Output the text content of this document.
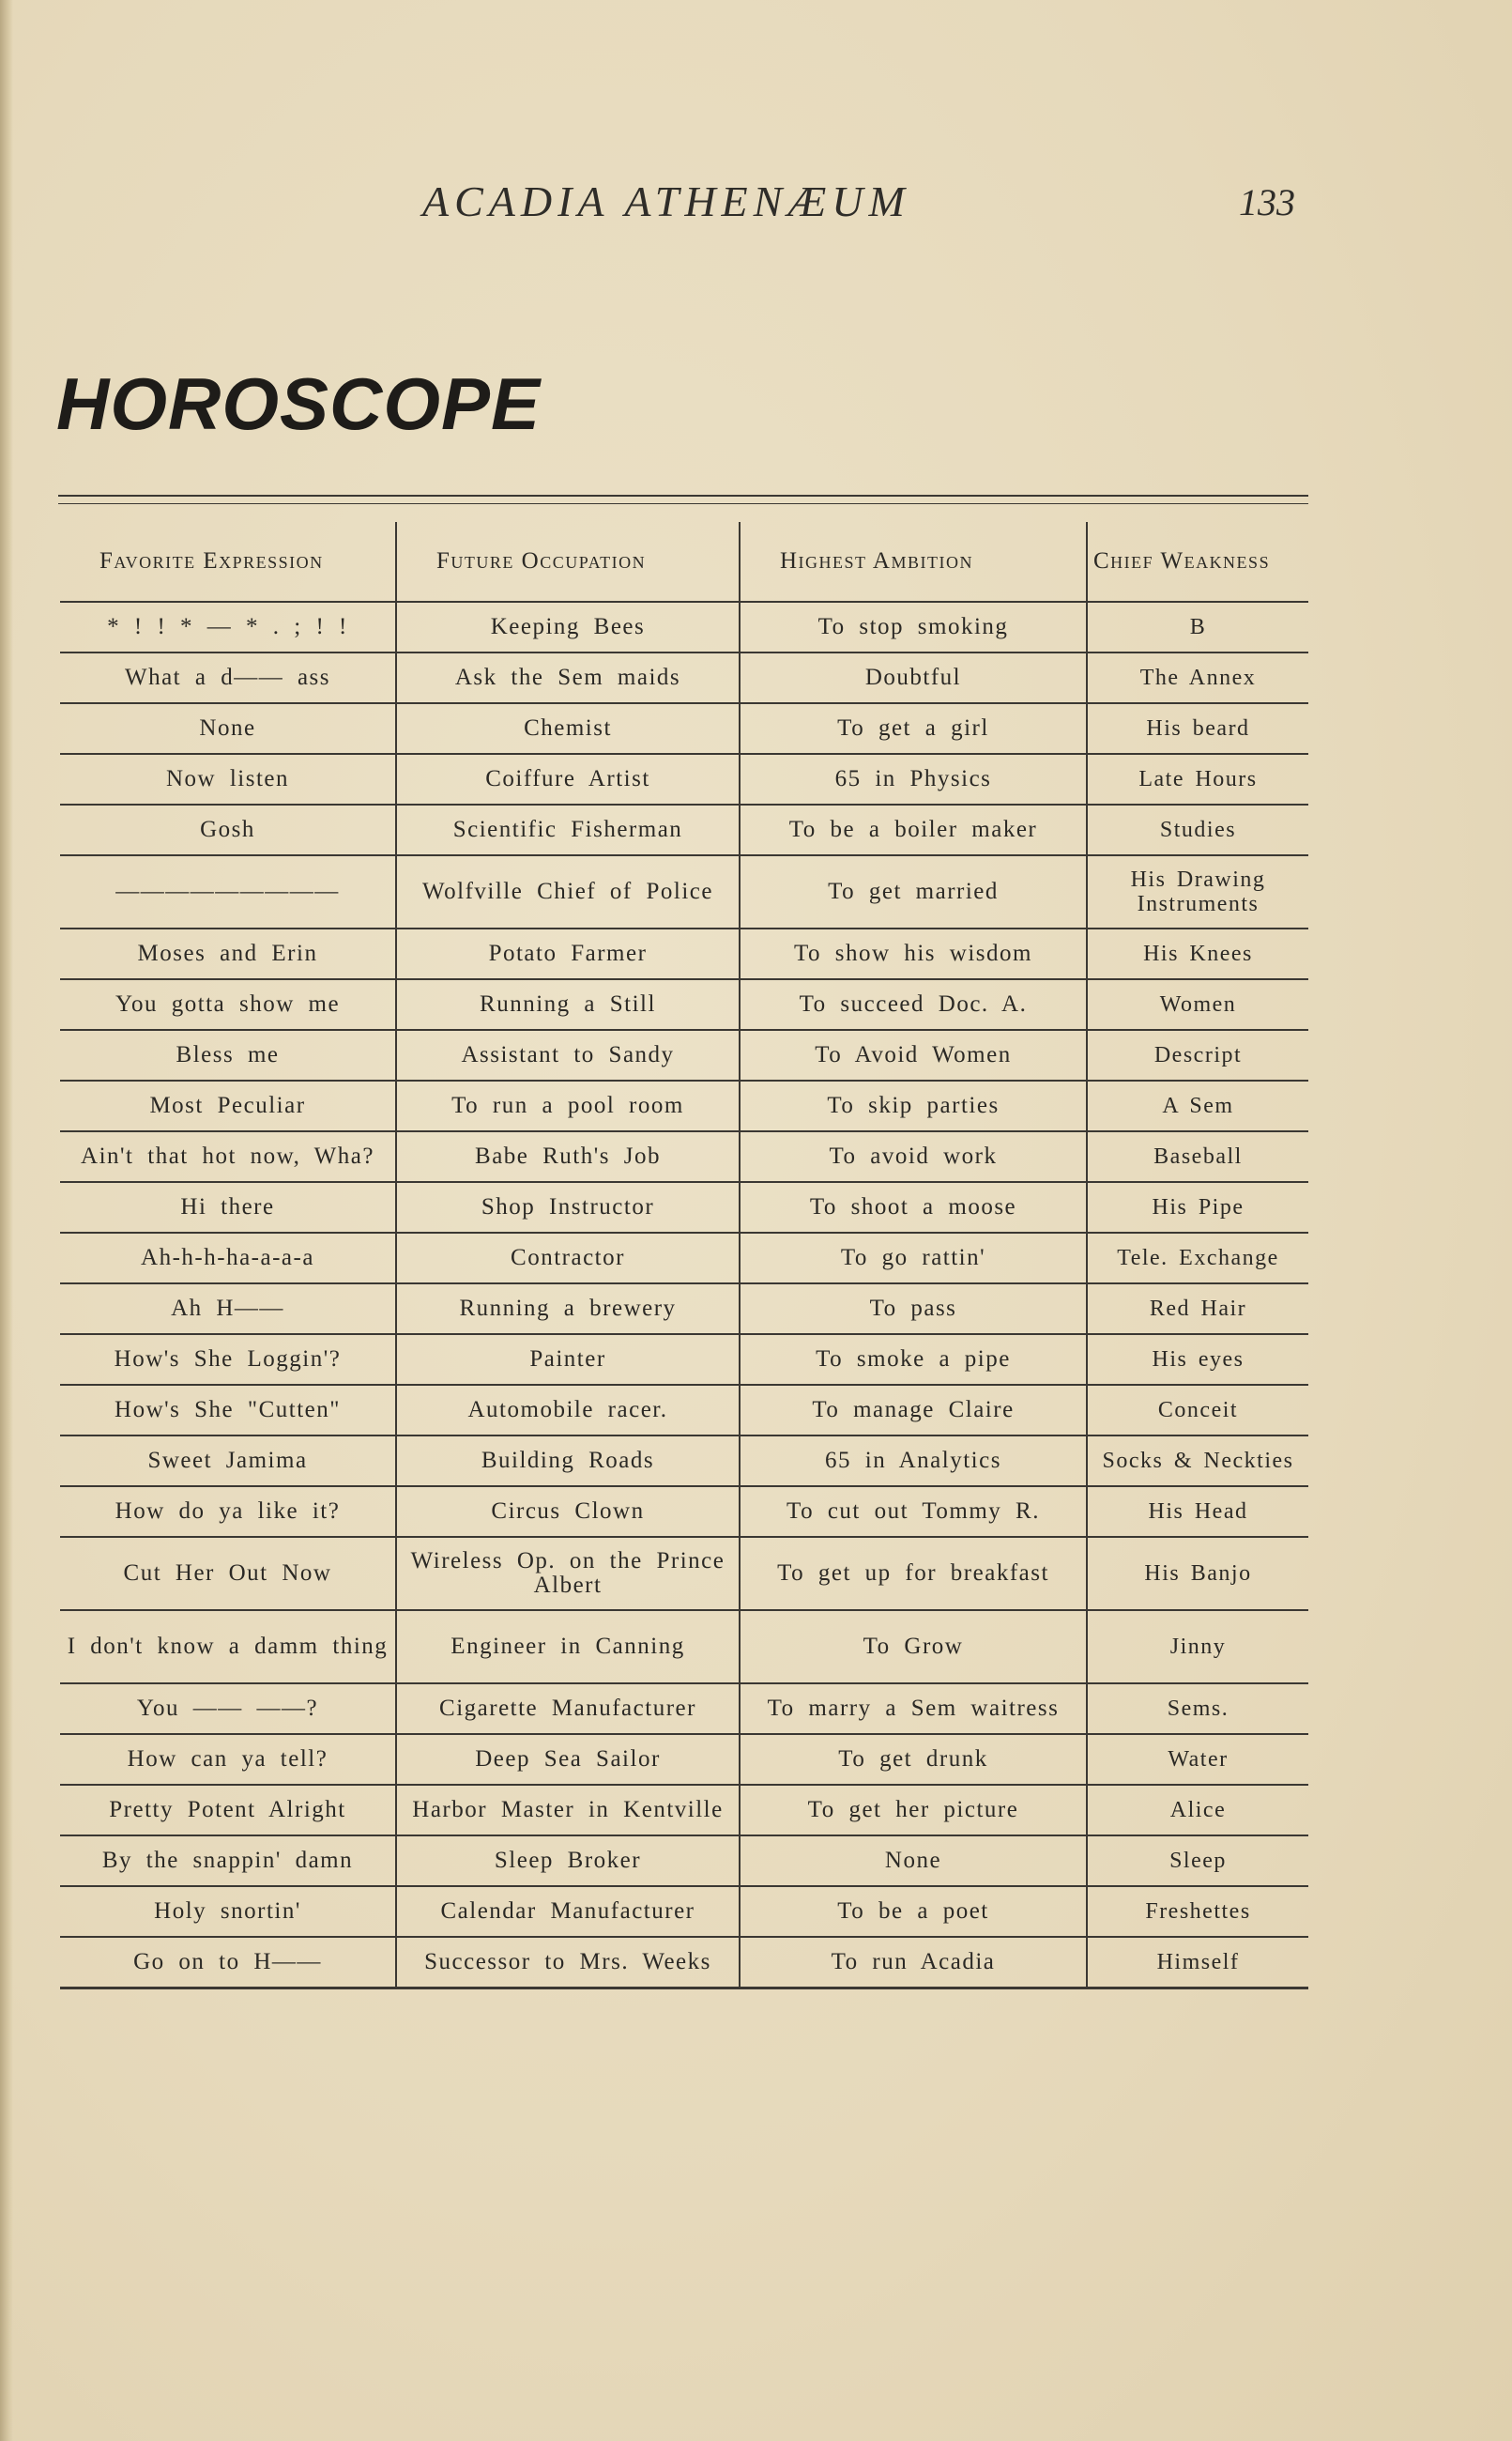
ACADIA ATHENÆUM	133
HOROSCOPE
Favorite Expression	Future Occupation	Highest Ambition	Chief Weakness
* ! ! * — * . ; ! !	Keeping Bees	To stop smoking	B
What a d—— ass	Ask the Sem maids	Doubtful	The Annex
None	Chemist	To get a girl	His beard
Now listen	Coiffure Artist	65 in Physics	Late Hours
Gosh	Scientific Fisherman	To be a boiler maker	Studies
—————————	Wolfville Chief of Police	To get married	His Drawing Instruments
Moses and Erin	Potato Farmer	To show his wisdom	His Knees
You gotta show me	Running a Still	To succeed Doc. A.	Women
Bless me	Assistant to Sandy	To Avoid Women	Descript
Most Peculiar	To run a pool room	To skip parties	A Sem
Ain't that hot now, Wha?	Babe Ruth's Job	To avoid work	Baseball
Hi there	Shop Instructor	To shoot a moose	His Pipe
Ah-h-h-ha-a-a-a	Contractor	To go rattin'	Tele. Exchange
Ah H——	Running a brewery	To pass	Red Hair
How's She Loggin'?	Painter	To smoke a pipe	His eyes
How's She "Cutten"	Automobile racer.	To manage Claire	Conceit
Sweet Jamima	Building Roads	65 in Analytics	Socks & Neckties
How do ya like it?	Circus Clown	To cut out Tommy R.	His Head
Cut Her Out Now	Wireless Op. on the Prince Albert	To get up for breakfast	His Banjo
I don't know a damm thing	Engineer in Canning	To Grow	Jinny
You —— ——?	Cigarette Manufacturer	To marry a Sem waitress	Sems.
How can ya tell?	Deep Sea Sailor	To get drunk	Water
Pretty Potent Alright	Harbor Master in Kentville	To get her picture	Alice
By the snappin' damn	Sleep Broker	None	Sleep
Holy snortin'	Calendar Manufacturer	To be a poet	Freshettes
Go on to H——	Successor to Mrs. Weeks	To run Acadia	Himself
